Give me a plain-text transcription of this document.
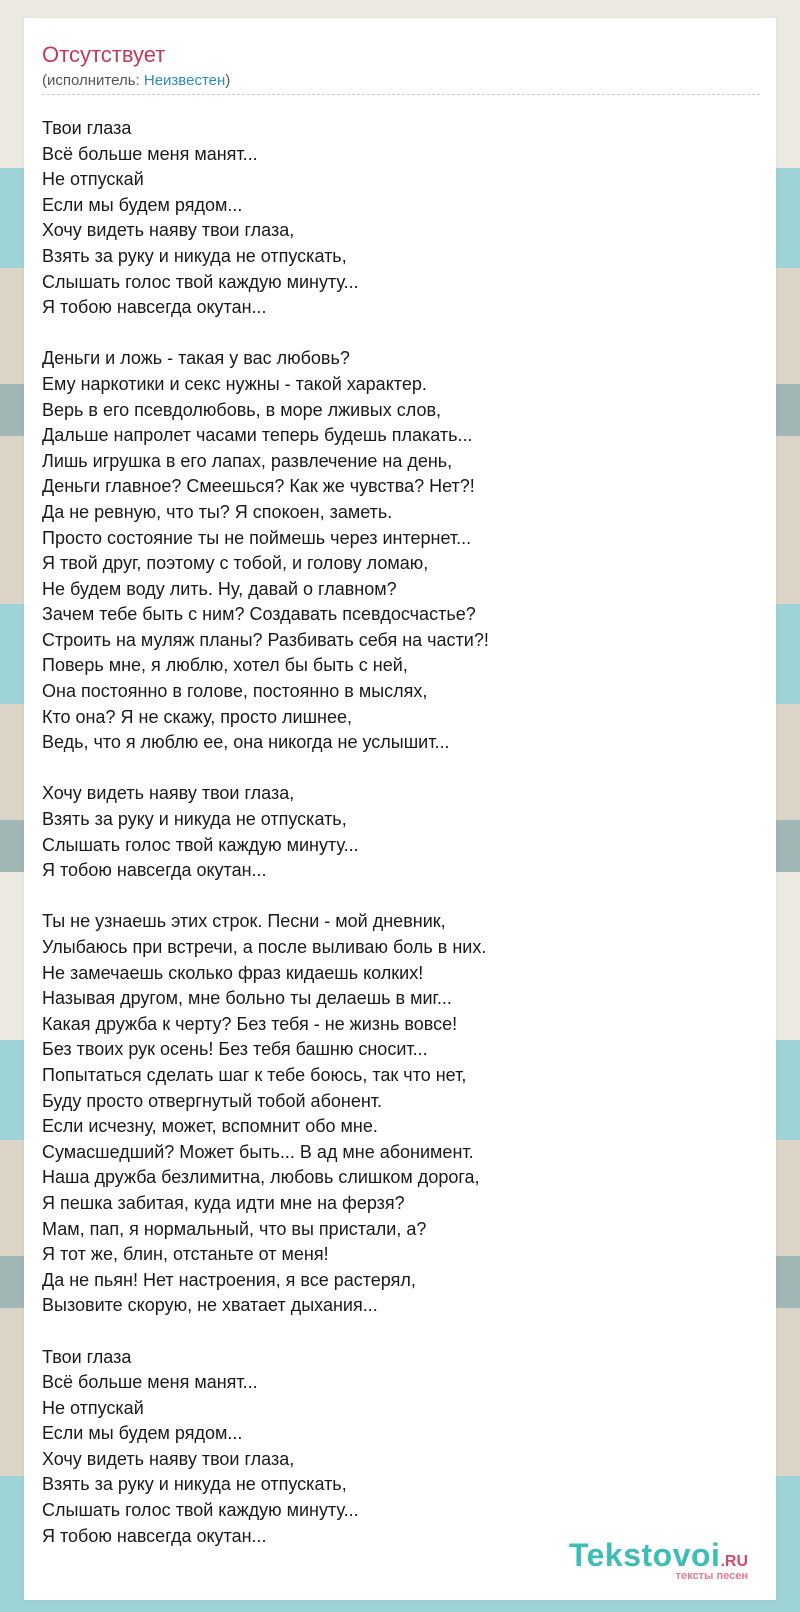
Отсутствует
(исполнитель: Неизвестен)
Твои глаза
Всё больше меня манят...
Не отпускай
Если мы будем рядом...
Хочу видеть наяву твои глаза,
Взять за руку и никуда не отпускать,
Слышать голос твой каждую минуту...
Я тобою навсегда окутан...

Деньги и ложь - такая у вас любовь?
Ему наркотики и секс нужны - такой характер.
Верь в его псевдолюбовь, в море лживых слов,
Дальше напролет часами теперь будешь плакать...
Лишь игрушка в его лапах, развлечение на день,
Деньги главное? Смеешься? Как же чувства? Нет?!
Да не ревную, что ты? Я спокоен, заметь.
Просто состояние ты не поймешь через интернет...
Я твой друг, поэтому с тобой, и голову ломаю,
Не будем воду лить. Ну, давай о главном?
Зачем тебе быть с ним? Создавать псевдосчастье?
Строить на муляж планы? Разбивать себя на части?!
Поверь мне, я люблю, хотел бы быть с ней,
Она постоянно в голове, постоянно в мыслях,
Кто она? Я не скажу, просто лишнее,
Ведь, что я люблю ее, она никогда не услышит...

Хочу видеть наяву твои глаза,
Взять за руку и никуда не отпускать,
Слышать голос твой каждую минуту...
Я тобою навсегда окутан...

Ты не узнаешь этих строк. Песни - мой дневник,
Улыбаюсь при встречи, а после выливаю боль в них.
Не замечаешь сколько фраз кидаешь колких!
Называя другом, мне больно ты делаешь в миг...
Какая дружба к черту? Без тебя - не жизнь вовсе!
Без твоих рук осень! Без тебя башню сносит...
Попытаться сделать шаг к тебе боюсь, так что нет,
Буду просто отвергнутый тобой абонент.
Если исчезну, может, вспомнит обо мне.
Сумасшедший? Может быть... В ад мне абонимент.
Наша дружба безлимитна, любовь слишком дорога,
Я пешка забитая, куда идти мне на ферзя?
Мам, пап, я нормальный, что вы пристали, а?
Я тот же, блин, отстаньте от меня!
Да не пьян! Нет настроения, я все растерял,
Вызовите скорую, не хватает дыхания...

Твои глаза
Всё больше меня манят...
Не отпускай
Если мы будем рядом...
Хочу видеть наяву твои глаза,
Взять за руку и никуда не отпускать,
Слышать голос твой каждую минуту...
Я тобою навсегда окутан...
Tekstovoi.RU
тексты песен
